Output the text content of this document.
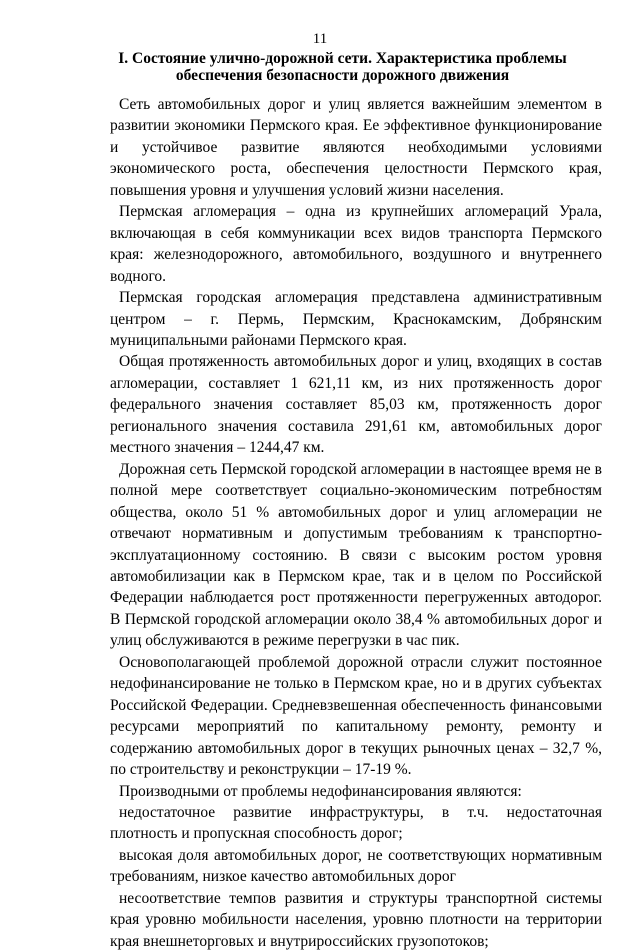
11
I. Состояние улично-дорожной сети. Характеристика проблемы обеспечения безопасности дорожного движения

Сеть автомобильных дорог и улиц является важнейшим элементом в развитии экономики Пермского края. Ее эффективное функционирование и устойчивое развитие являются необходимыми условиями экономического роста, обеспечения целостности Пермского края, повышения уровня и улучшения условий жизни населения.

Пермская агломерация – одна из крупнейших агломераций Урала, включающая в себя коммуникации всех видов транспорта Пермского края: железнодорожного, автомобильного, воздушного и внутреннего водного.

Пермская городская агломерация представлена административным центром – г. Пермь, Пермским, Краснокамским, Добрянским муниципальными районами Пермского края.

Общая протяженность автомобильных дорог и улиц, входящих в состав агломерации, составляет 1 621,11 км, из них протяженность дорог федерального значения составляет 85,03 км, протяженность дорог регионального значения составила 291,61 км, автомобильных дорог местного значения – 1244,47 км.

Дорожная сеть Пермской городской агломерации в настоящее время не в полной мере соответствует социально-экономическим потребностям общества, около 51 % автомобильных дорог и улиц агломерации не отвечают нормативным и допустимым требованиям к транспортно-эксплуатационному состоянию. В связи с высоким ростом уровня автомобилизации как в Пермском крае, так и в целом по Российской Федерации наблюдается рост протяженности перегруженных автодорог. В Пермской городской агломерации около 38,4 % автомобильных дорог и улиц обслуживаются в режиме перегрузки в час пик.

Основополагающей проблемой дорожной отрасли служит постоянное недофинансирование не только в Пермском крае, но и в других субъектах Российской Федерации. Средневзвешенная обеспеченность финансовыми ресурсами мероприятий по капитальному ремонту, ремонту и содержанию автомобильных дорог в текущих рыночных ценах – 32,7 %, по строительству и реконструкции – 17-19 %.

Производными от проблемы недофинансирования являются:

недостаточное развитие инфраструктуры, в т.ч. недостаточная плотность и пропускная способность дорог;

высокая доля автомобильных дорог, не соответствующих нормативным требованиям, низкое качество автомобильных дорог

несоответствие темпов развития и структуры транспортной системы края уровню мобильности населения, уровню плотности на территории края внешнеторговых и внутрироссийских грузопотоков;
